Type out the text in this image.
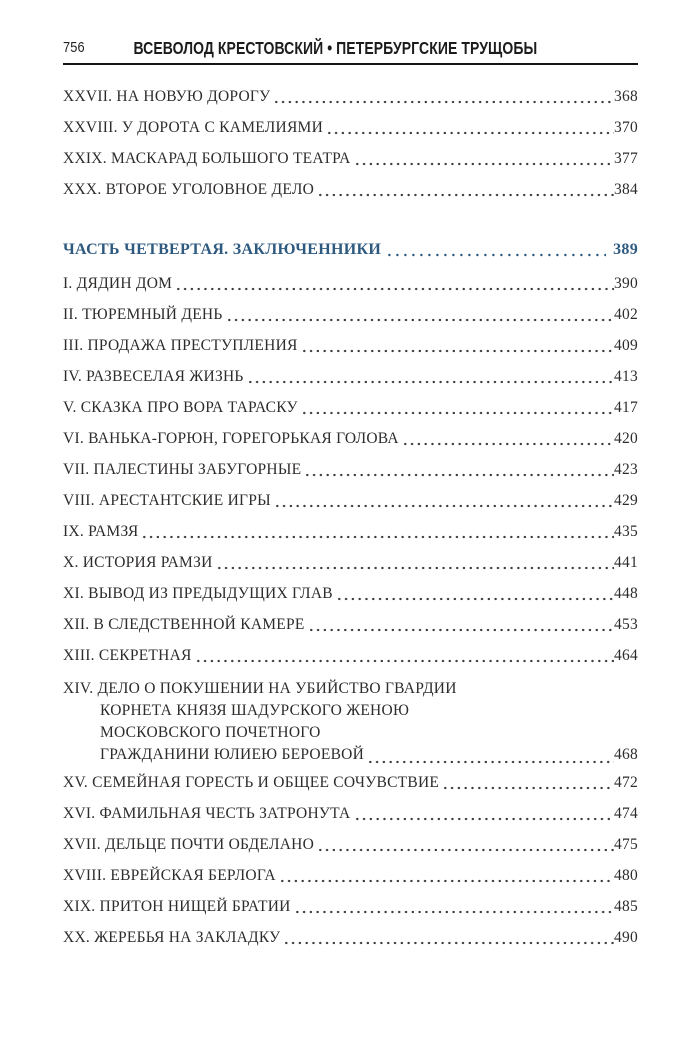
756	ВСЕВОЛОД КРЕСТОВСКИЙ • ПЕТЕРБУРГСКИЕ ТРУЩОБЫ
XXVII. НА НОВУЮ ДОРОГУ	368
XXVIII. У ДОРОТА С КАМЕЛИЯМИ	370
XXIX. МАСКАРАД БОЛЬШОГО ТЕАТРА	377
XXX. ВТОРОЕ УГОЛОВНОЕ ДЕЛО	384
ЧАСТЬ ЧЕТВЕРТАЯ. ЗАКЛЮЧЕННИКИ	389
I. ДЯДИН ДОМ	390
II. ТЮРЕМНЫЙ ДЕНЬ	402
III. ПРОДАЖА ПРЕСТУПЛЕНИЯ	409
IV. РАЗВЕСЕЛАЯ ЖИЗНЬ	413
V. СКАЗКА ПРО ВОРА ТАРАСКУ	417
VI. ВАНЬКА-ГОРЮН, ГОРЕГОРЬКАЯ ГОЛОВА	420
VII. ПАЛЕСТИНЫ ЗАБУГОРНЫЕ	423
VIII. АРЕСТАНТСКИЕ ИГРЫ	429
IX. РАМЗЯ	435
X. ИСТОРИЯ РАМЗИ	441
XI. ВЫВОД ИЗ ПРЕДЫДУЩИХ ГЛАВ	448
XII. В СЛЕДСТВЕННОЙ КАМЕРЕ	453
XIII. СЕКРЕТНАЯ	464
XIV. ДЕЛО О ПОКУШЕНИИ НА УБИЙСТВО ГВАРДИИ
КОРНЕТА КНЯЗЯ ШАДУРСКОГО ЖЕНОЮ
МОСКОВСКОГО ПОЧЕТНОГО
ГРАЖДАНИНИ ЮЛИЕЮ БЕРОЕВОЙ	468
XV. СЕМЕЙНАЯ ГОРЕСТЬ И ОБЩЕЕ СОЧУВСТВИЕ	472
XVI. ФАМИЛЬНАЯ ЧЕСТЬ ЗАТРОНУТА	474
XVII. ДЕЛЬЦЕ ПОЧТИ ОБДЕЛАНО	475
XVIII. ЕВРЕЙСКАЯ БЕРЛОГА	480
XIX. ПРИТОН НИЩЕЙ БРАТИИ	485
XX. ЖЕРЕБЬЯ НА ЗАКЛАДКУ	490
